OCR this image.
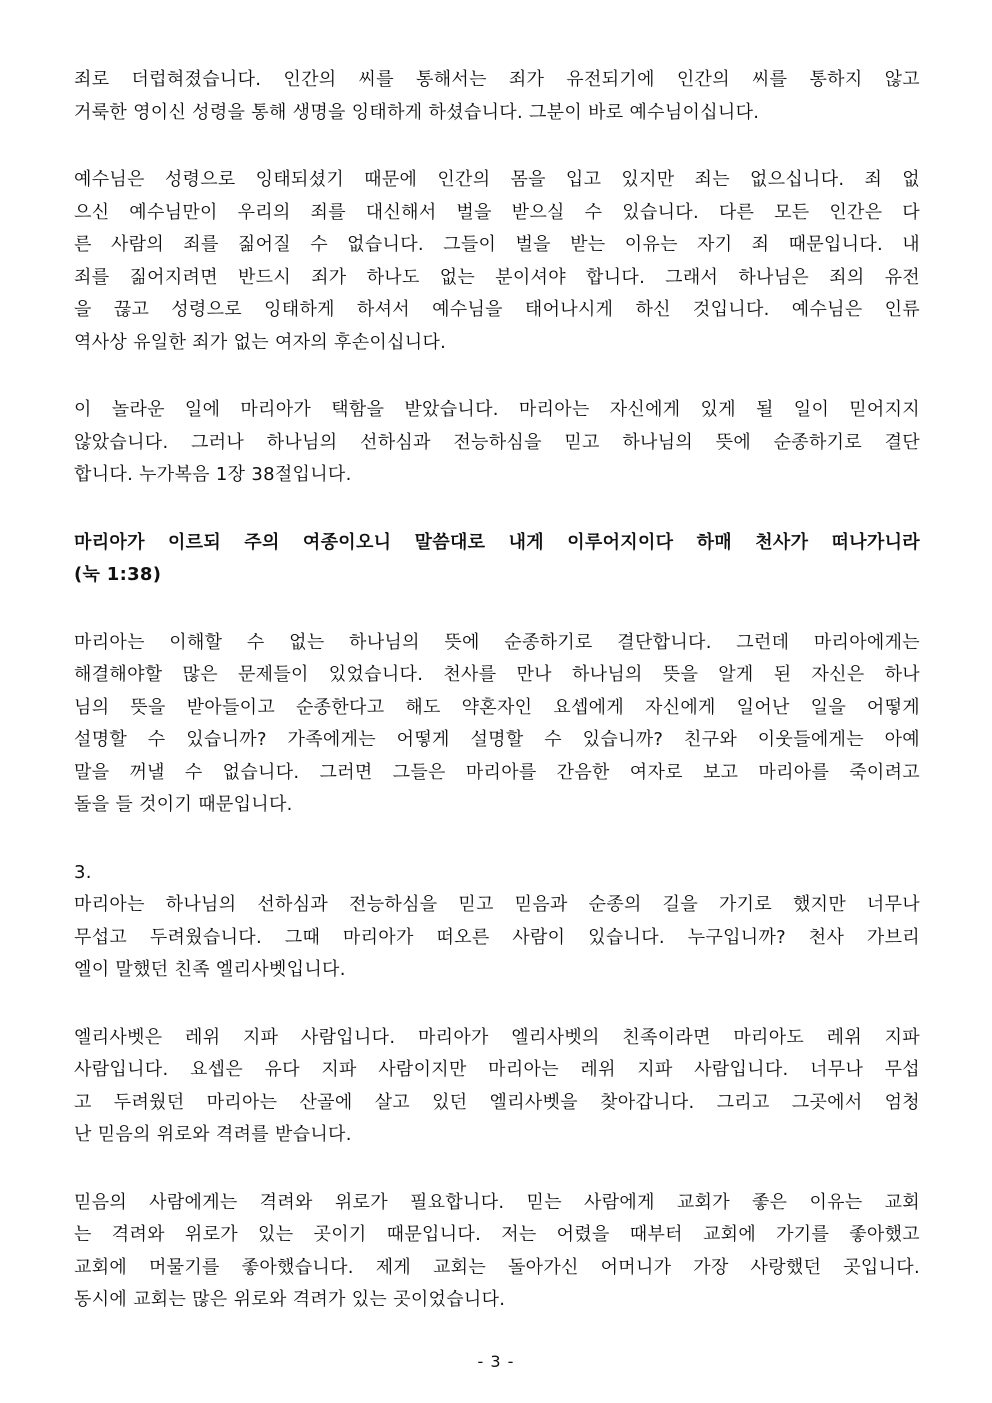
죄로 더럽혀졌습니다. 인간의 씨를 통해서는 죄가 유전되기에 인간의 씨를 통하지 않고
거룩한 영이신 성령을 통해 생명을 잉태하게 하셨습니다. 그분이 바로 예수님이십니다.
예수님은 성령으로 잉태되셨기 때문에 인간의 몸을 입고 있지만 죄는 없으십니다. 죄 없
으신 예수님만이 우리의 죄를 대신해서 벌을 받으실 수 있습니다. 다른 모든 인간은 다
른 사람의 죄를 짊어질 수 없습니다. 그들이 벌을 받는 이유는 자기 죄 때문입니다. 내
죄를 짊어지려면 반드시 죄가 하나도 없는 분이셔야 합니다. 그래서 하나님은 죄의 유전
을 끊고 성령으로 잉태하게 하셔서 예수님을 태어나시게 하신 것입니다. 예수님은 인류
역사상 유일한 죄가 없는 여자의 후손이십니다.
이 놀라운 일에 마리아가 택함을 받았습니다. 마리아는 자신에게 있게 될 일이 믿어지지
않았습니다. 그러나 하나님의 선하심과 전능하심을 믿고 하나님의 뜻에 순종하기로 결단
합니다. 누가복음 1장 38절입니다.
마리아가 이르되 주의 여종이오니 말씀대로 내게 이루어지이다 하매 천사가 떠나가니라
(눅 1:38)
마리아는 이해할 수 없는 하나님의 뜻에 순종하기로 결단합니다. 그런데 마리아에게는
해결해야할 많은 문제들이 있었습니다. 천사를 만나 하나님의 뜻을 알게 된 자신은 하나
님의 뜻을 받아들이고 순종한다고 해도 약혼자인 요셉에게 자신에게 일어난 일을 어떻게
설명할 수 있습니까? 가족에게는 어떻게 설명할 수 있습니까? 친구와 이웃들에게는 아예
말을 꺼낼 수 없습니다. 그러면 그들은 마리아를 간음한 여자로 보고 마리아를 죽이려고
돌을 들 것이기 때문입니다.
3.
마리아는 하나님의 선하심과 전능하심을 믿고 믿음과 순종의 길을 가기로 했지만 너무나
무섭고 두려웠습니다. 그때 마리아가 떠오른 사람이 있습니다. 누구입니까? 천사 가브리
엘이 말했던 친족 엘리사벳입니다.
엘리사벳은 레위 지파 사람입니다. 마리아가 엘리사벳의 친족이라면 마리아도 레위 지파
사람입니다. 요셉은 유다 지파 사람이지만 마리아는 레위 지파 사람입니다. 너무나 무섭
고 두려웠던 마리아는 산골에 살고 있던 엘리사벳을 찾아갑니다. 그리고 그곳에서 엄청
난 믿음의 위로와 격려를 받습니다.
믿음의 사람에게는 격려와 위로가 필요합니다. 믿는 사람에게 교회가 좋은 이유는 교회
는 격려와 위로가 있는 곳이기 때문입니다. 저는 어렸을 때부터 교회에 가기를 좋아했고
교회에 머물기를 좋아했습니다. 제게 교회는 돌아가신 어머니가 가장 사랑했던 곳입니다.
동시에 교회는 많은 위로와 격려가 있는 곳이었습니다.
- 3 -
